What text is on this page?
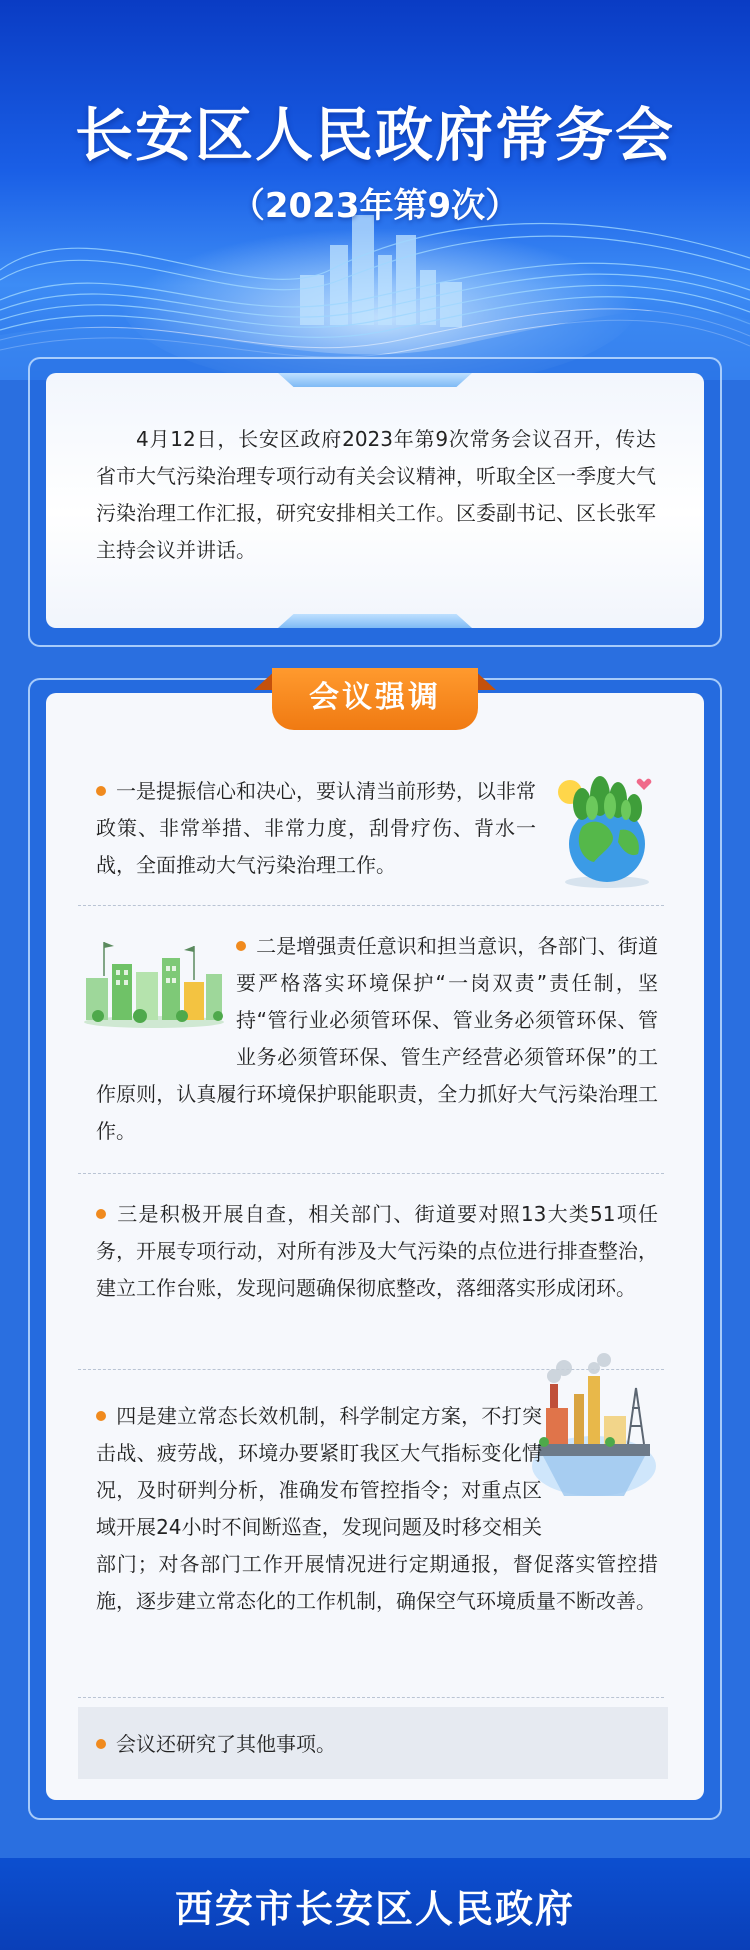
长安区人民政府常务会
（2023年第9次）
4月12日，长安区政府2023年第9次常务会议召开，传达省市大气污染治理专项行动有关会议精神，听取全区一季度大气污染治理工作汇报，研究安排相关工作。区委副书记、区长张军主持会议并讲话。
会议强调
一是提振信心和决心，要认清当前形势，以非常政策、非常举措、非常力度，刮骨疗伤、背水一战，全面推动大气污染治理工作。
二是增强责任意识和担当意识，各部门、街道要严格落实环境保护“一岗双责”责任制，坚持“管行业必须管环保、管业务必须管环保、管业务必须管环保、管生产经营必须管环保”的工作原则，认真履行环境保护职能职责，全力抓好大气污染治理工作。
三是积极开展自查，相关部门、街道要对照13大类51项任务，开展专项行动，对所有涉及大气污染的点位进行排查整治，建立工作台账，发现问题确保彻底整改，落细落实形成闭环。
四是建立常态长效机制，科学制定方案，不打突击战、疲劳战，环境办要紧盯我区大气指标变化情况，及时研判分析，准确发布管控指令；对重点区域开展24小时不间断巡查，发现问题及时移交相关部门；对各部门工作开展情况进行定期通报，督促落实管控措施，逐步建立常态化的工作机制，确保空气环境质量不断改善。
会议还研究了其他事项。
西安市长安区人民政府
